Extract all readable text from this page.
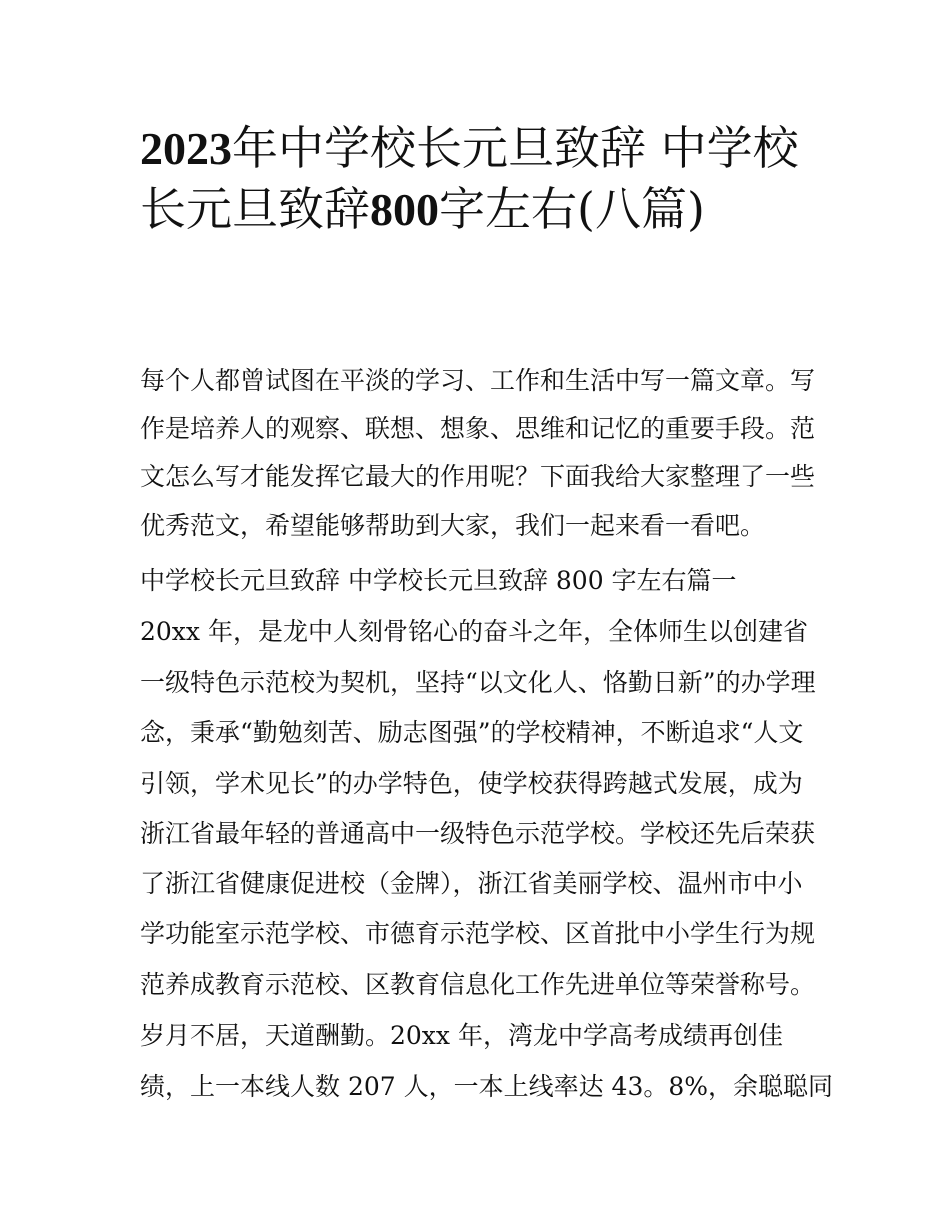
2023年中学校长元旦致辞 中学校长元旦致辞800字左右(八篇)

每个人都曾试图在平淡的学习、工作和生活中写一篇文章。写

作是培养人的观察、联想、想象、思维和记忆的重要手段。范

文怎么写才能发挥它最大的作用呢？下面我给大家整理了一些

优秀范文，希望能够帮助到大家，我们一起来看一看吧。

中学校长元旦致辞 中学校长元旦致辞 800 字左右篇一

20xx 年，是龙中人刻骨铭心的奋斗之年，全体师生以创建省

一级特色示范校为契机，坚持“以文化人、恪勤日新”的办学理

念，秉承“勤勉刻苦、励志图强”的学校精神，不断追求“人文

引领，学术见长”的办学特色，使学校获得跨越式发展，成为

浙江省最年轻的普通高中一级特色示范学校。学校还先后荣获

了浙江省健康促进校（金牌），浙江省美丽学校、温州市中小

学功能室示范学校、市德育示范学校、区首批中小学生行为规

范养成教育示范校、区教育信息化工作先进单位等荣誉称号。

岁月不居，天道酬勤。20xx 年，湾龙中学高考成绩再创佳

绩，上一本线人数 207 人，一本上线率达 43。8%，余聪聪同
